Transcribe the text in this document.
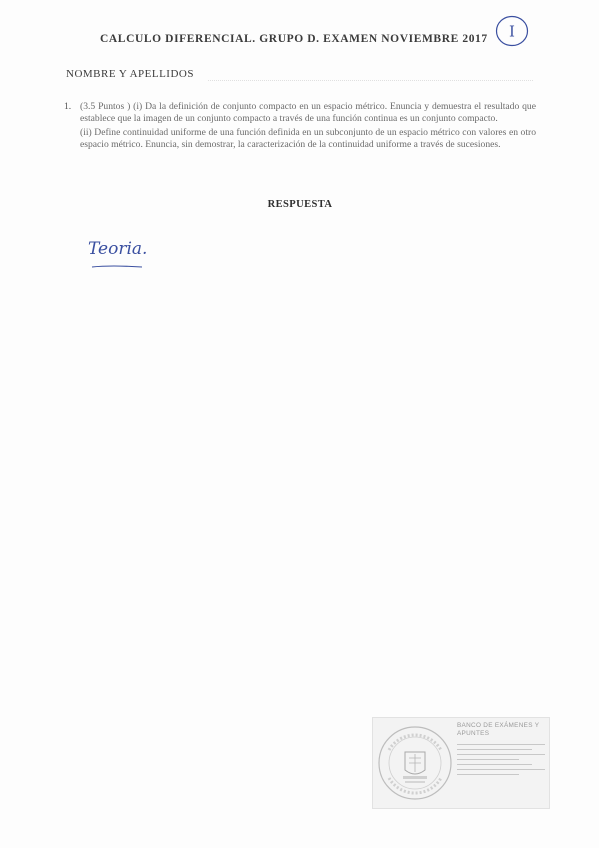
CALCULO DIFERENCIAL. GRUPO D. EXAMEN NOVIEMBRE 2017 I
NOMBRE Y APELLIDOS
1. (3.5 Puntos ) (i) Da la definición de conjunto compacto en un espacio métrico. Enuncia y demuestra el resultado que establece que la imagen de un conjunto compacto a través de una función continua es un conjunto compacto.

(ii) Define continuidad uniforme de una función definida en un subconjunto de un espacio métrico con valores en otro espacio métrico. Enuncia, sin demostrar, la caracterización de la continuidad uniforme a través de sucesiones.

RESPUESTA
Teoria.
BANCO DE EXÁMENES Y APUNTES
